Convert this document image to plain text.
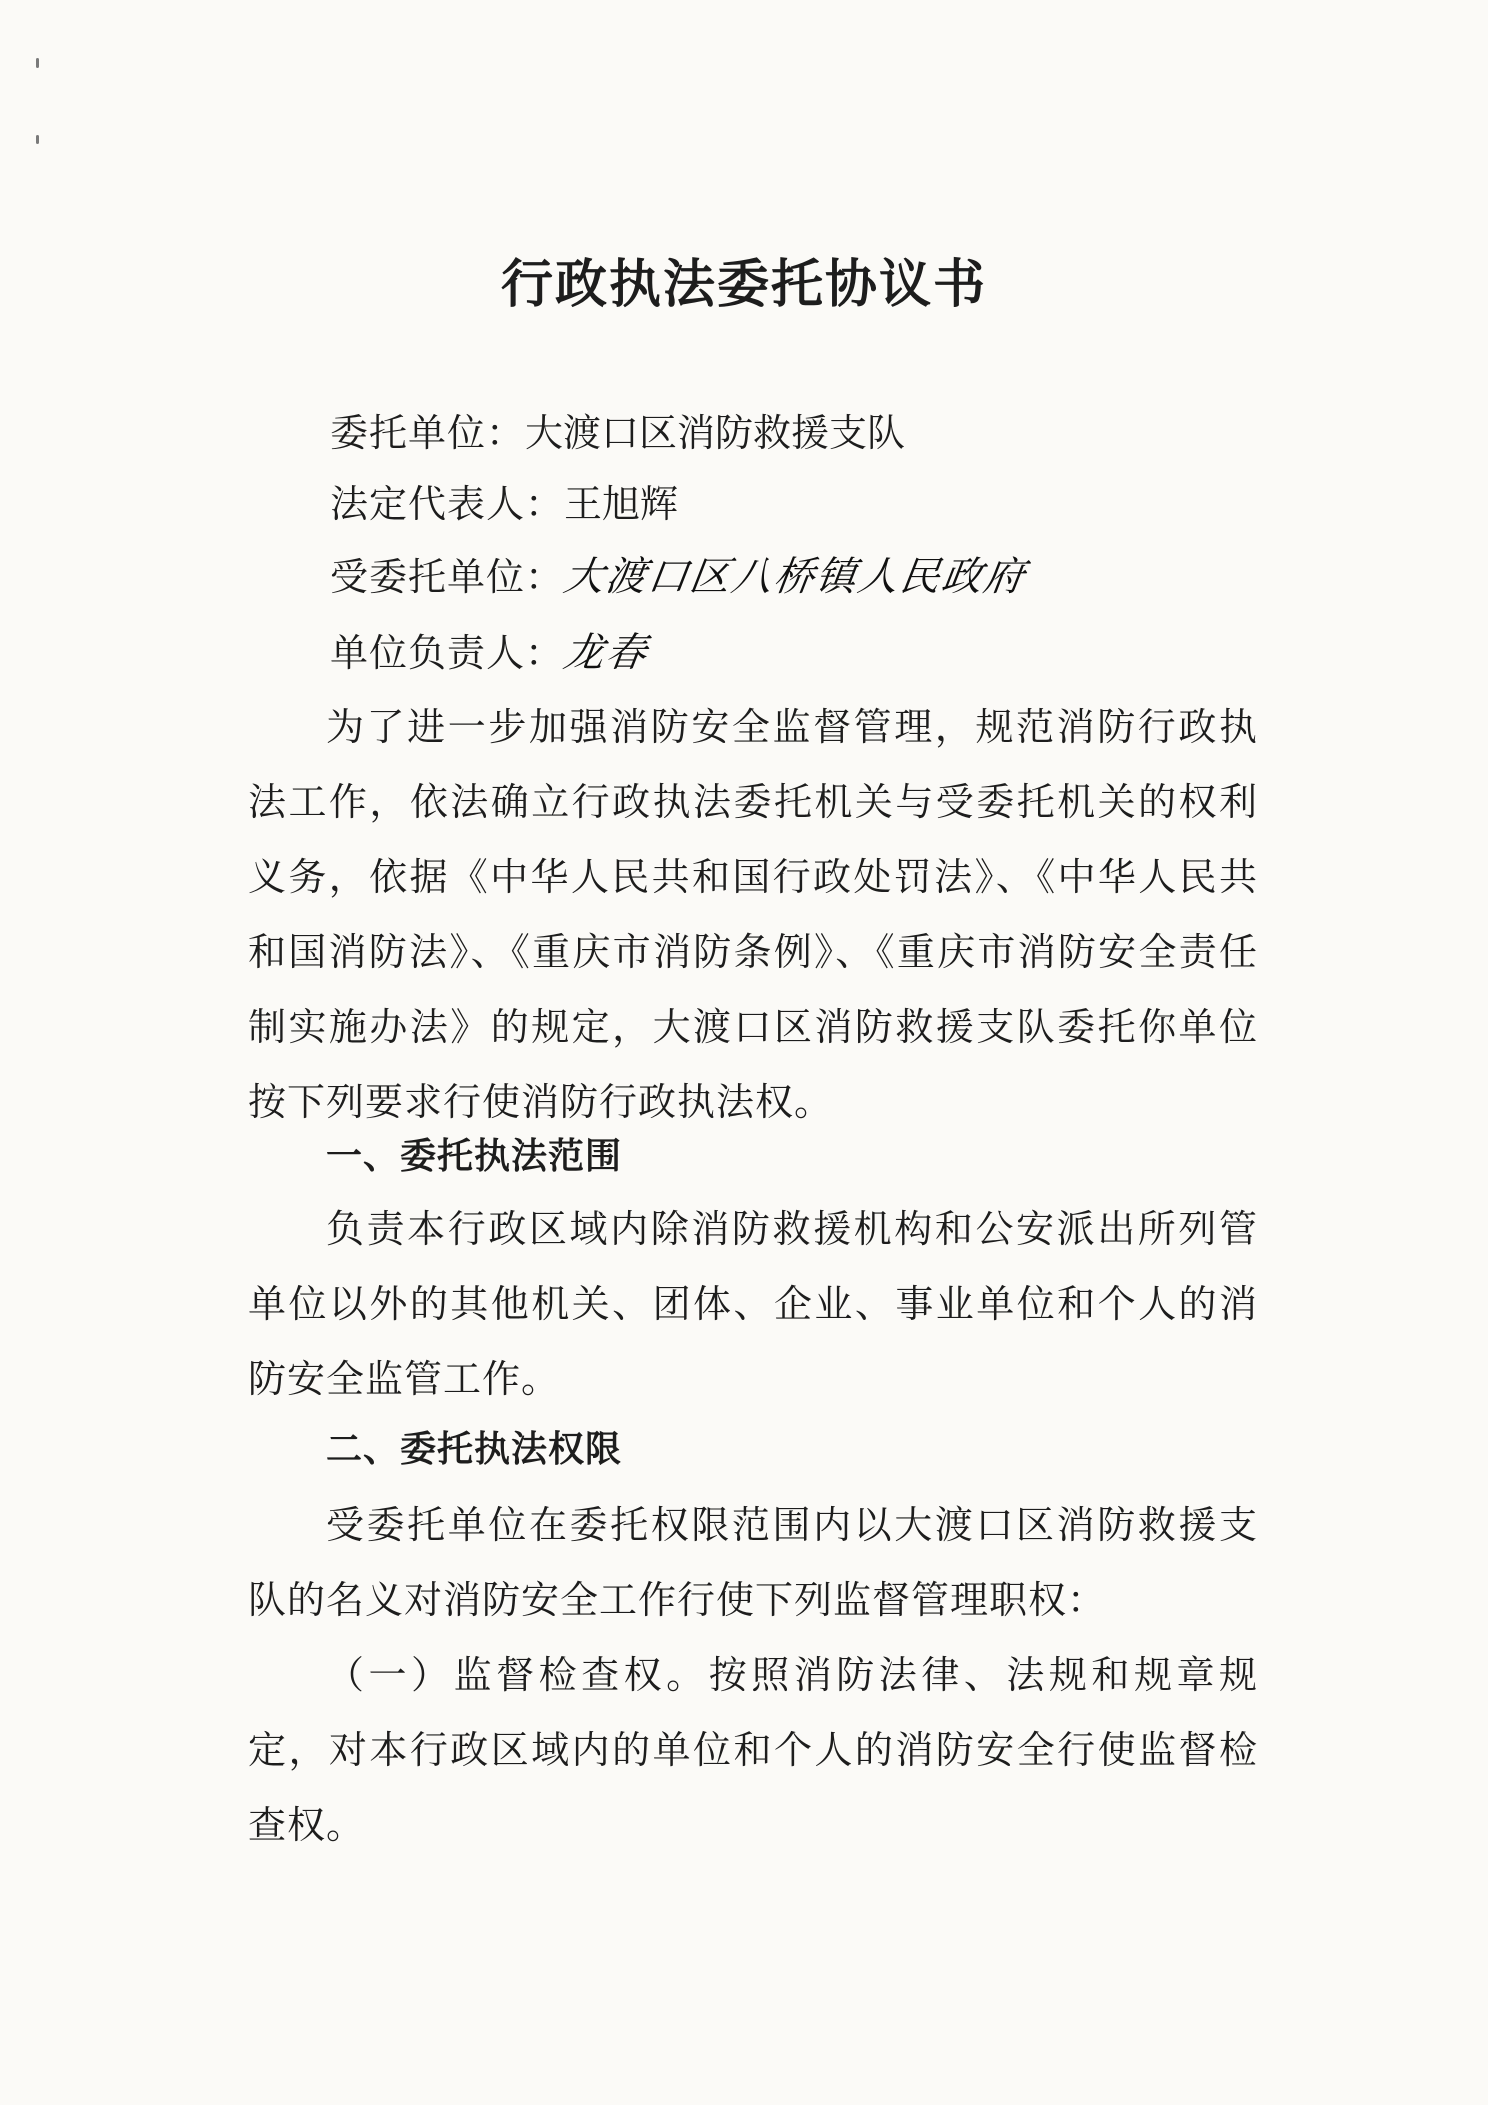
行政执法委托协议书
委托单位：大渡口区消防救援支队
法定代表人：王旭辉
受委托单位：大渡口区八桥镇人民政府
单位负责人：龙春

为了进一步加强消防安全监督管理，规范消防行政执法工作，依法确立行政执法委托机关与受委托机关的权利义务，依据《中华人民共和国行政处罚法》、《中华人民共和国消防法》、《重庆市消防条例》、《重庆市消防安全责任制实施办法》的规定，大渡口区消防救援支队委托你单位按下列要求行使消防行政执法权。

一、委托执法范围

负责本行政区域内除消防救援机构和公安派出所列管单位以外的其他机关、团体、企业、事业单位和个人的消防安全监管工作。

二、委托执法权限

受委托单位在委托权限范围内以大渡口区消防救援支队的名义对消防安全工作行使下列监督管理职权：

（一）监督检查权。按照消防法律、法规和规章规定，对本行政区域内的单位和个人的消防安全行使监督检查权。
